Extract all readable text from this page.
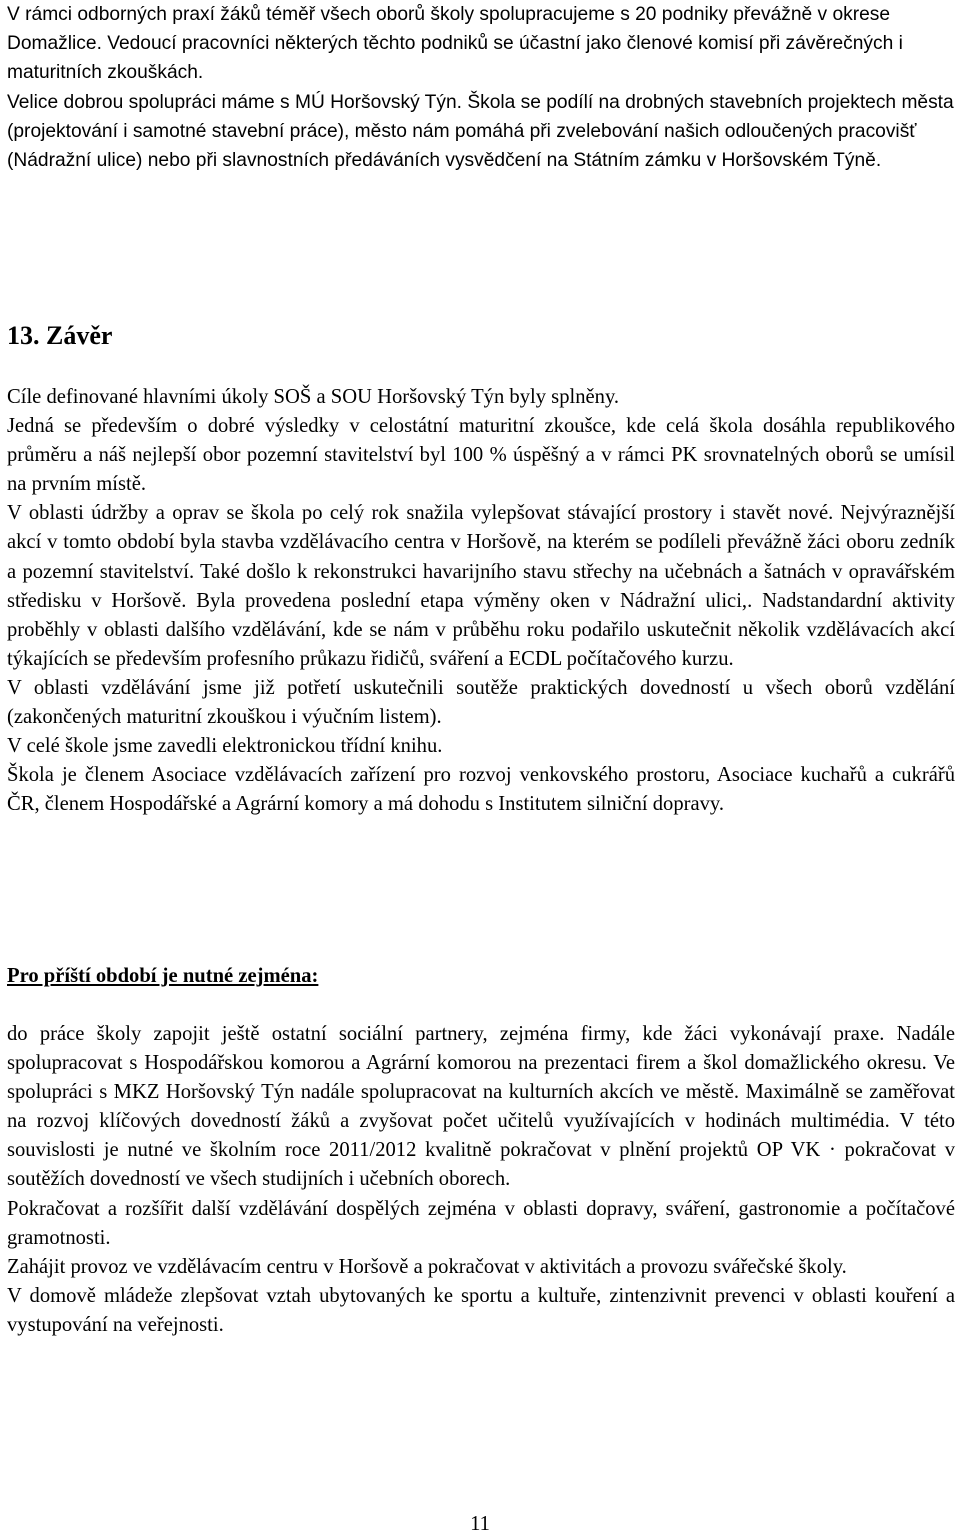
V rámci odborných praxí žáků téměř všech oborů školy spolupracujeme s 20 podniky převážně v okrese Domažlice. Vedoucí pracovníci některých těchto podniků se účastní jako členové komisí při závěrečných i maturitních zkouškách.

Velice dobrou spolupráci máme s MÚ Horšovský Týn. Škola se podílí na drobných stavebních projektech města (projektování i samotné stavební práce), město nám pomáhá při zvelebování našich odloučených pracovišť (Nádražní ulice) nebo při slavnostních předáváních vysvědčení na Státním zámku v Horšovském Týně.

13. Závěr

Cíle definované hlavními úkoly SOŠ a SOU Horšovský Týn byly splněny.

Jedná se především o dobré výsledky v celostátní maturitní zkoušce, kde celá škola dosáhla republikového průměru a náš nejlepší obor pozemní stavitelství byl 100 % úspěšný a v rámci PK srovnatelných oborů se umísil na prvním místě.

V oblasti údržby a oprav se škola po celý rok snažila vylepšovat stávající prostory i stavět nové. Nejvýraznější akcí v tomto období byla stavba vzdělávacího centra v Horšově, na kterém se podíleli převážně žáci oboru zedník a pozemní stavitelství. Také došlo k rekonstrukci havarijního stavu střechy na učebnách a šatnách v opravářském středisku v Horšově. Byla provedena poslední etapa výměny oken v Nádražní ulici,. Nadstandardní aktivity proběhly v oblasti dalšího vzdělávání, kde se nám v průběhu roku podařilo uskutečnit několik vzdělávacích akcí týkajících se především profesního průkazu řidičů, sváření a ECDL počítačového kurzu.

V oblasti vzdělávání jsme již potřetí uskutečnili soutěže praktických dovedností u všech oborů vzdělání (zakončených maturitní zkouškou i výučním listem).

V celé škole jsme zavedli elektronickou třídní knihu.

Škola je členem Asociace vzdělávacích zařízení pro rozvoj venkovského prostoru, Asociace kuchařů a cukrářů ČR, členem Hospodářské a Agrární komory a má dohodu s Institutem silniční dopravy.

Pro příští období je nutné zejména:

do práce školy zapojit ještě ostatní sociální partnery, zejména firmy, kde žáci vykonávají praxe. Nadále spolupracovat s Hospodářskou komorou a Agrární komorou na prezentaci firem a škol domažlického okresu. Ve spolupráci s MKZ Horšovský Týn nadále spolupracovat na kulturních akcích ve městě. Maximálně se zaměřovat na rozvoj klíčových dovedností žáků a zvyšovat počet učitelů využívajících v hodinách multimédia. V této souvislosti je nutné ve školním roce 2011/2012 kvalitně pokračovat v plnění projektů OP VK · pokračovat v soutěžích dovedností ve všech studijních i učebních oborech.

Pokračovat a rozšířit další vzdělávání dospělých zejména v oblasti dopravy, sváření, gastronomie a počítačové gramotnosti.

Zahájit provoz ve vzdělávacím centru v Horšově a pokračovat v aktivitách a provozu svářečské školy.

V domově mládeže zlepšovat vztah ubytovaných ke sportu a kultuře, zintenzivnit prevenci v oblasti kouření a vystupování na veřejnosti.

11
